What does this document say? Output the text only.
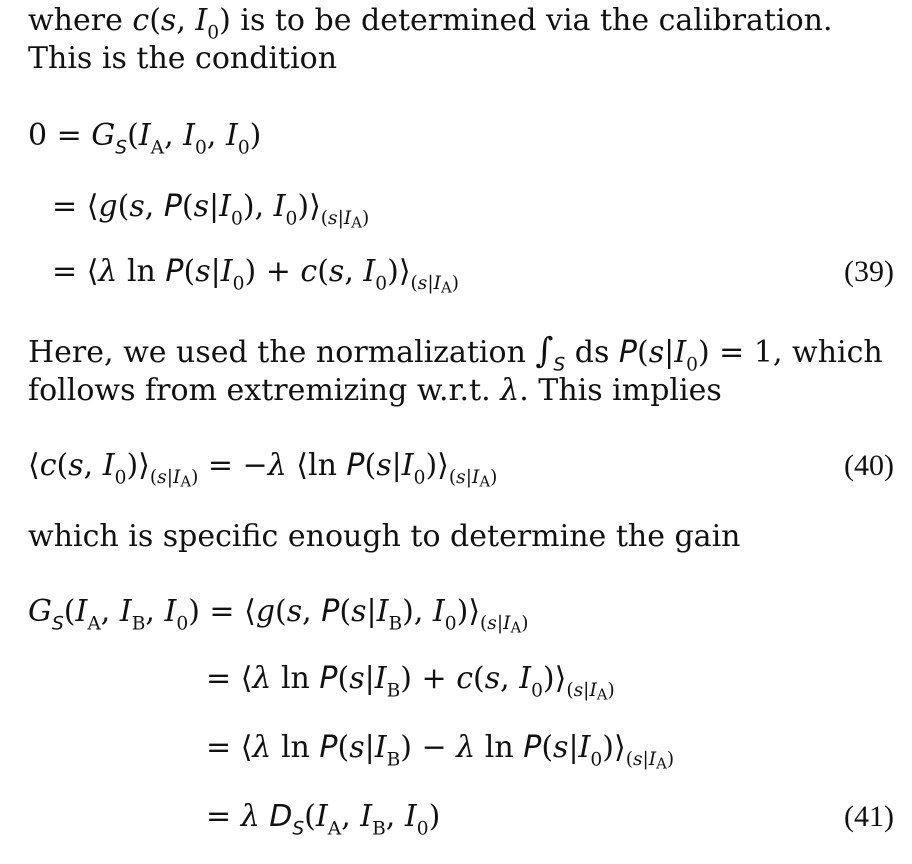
where c(s, $I_0$) is to be determined via the calibration. This is the condition

$0 = G_S(I_A$, $I_0$, $I_0$)
= ⟨g(s, $P(s|I_0)$, $I_0)⟩_{(s|IA)}$
= ⟨λ $\ln P(s|I_0) + c(s$, $I_0)⟩_{(s|IA)}$	(39)

Here, we used the normalization $\int_S$ ds $P(s|I_0) = 1$, which follows from extremizing w.r.t. λ. This implies

⟨c(s, $I_0)⟩_{(s|IA)} = -\lambda$ ⟨ln $P(s|I_0)⟩_{(s|IA)}$	(40)

which is specific enough to determine the gain

$G_S(I_A$, $I_B$, $I_0$) = ⟨g(s, $P(s|I_B)$, $I_0)⟩_{(s|IA)}$
= ⟨λ $\ln P(s|I_B) + c(s$, $I_0)⟩_{(s|IA)}$
= ⟨λ $\ln P(s|I_B) - \lambda$ $\ln P(s|I_0)⟩_{(s|IA)}$
= λ $D_S(I_A$, $I_B$, $I_0$)	(41)
